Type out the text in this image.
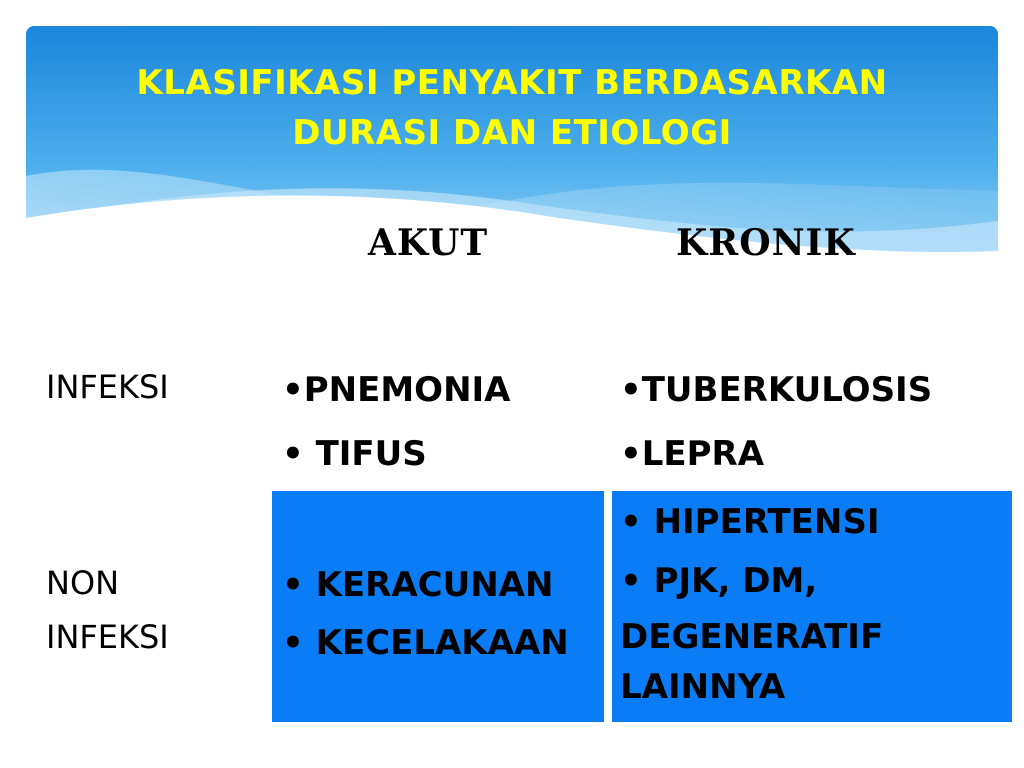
KLASIFIKASI PENYAKIT BERDASARKAN
DURASI DAN ETIOLOGI
AKUT	KRONIK
INFEKSI
NON
INFEKSI
•PNEMONIA
• TIFUS
•TUBERKULOSIS
•LEPRA
• KERACUNAN
• KECELAKAAN
• HIPERTENSI
• PJK, DM,
DEGENERATIF
LAINNYA
